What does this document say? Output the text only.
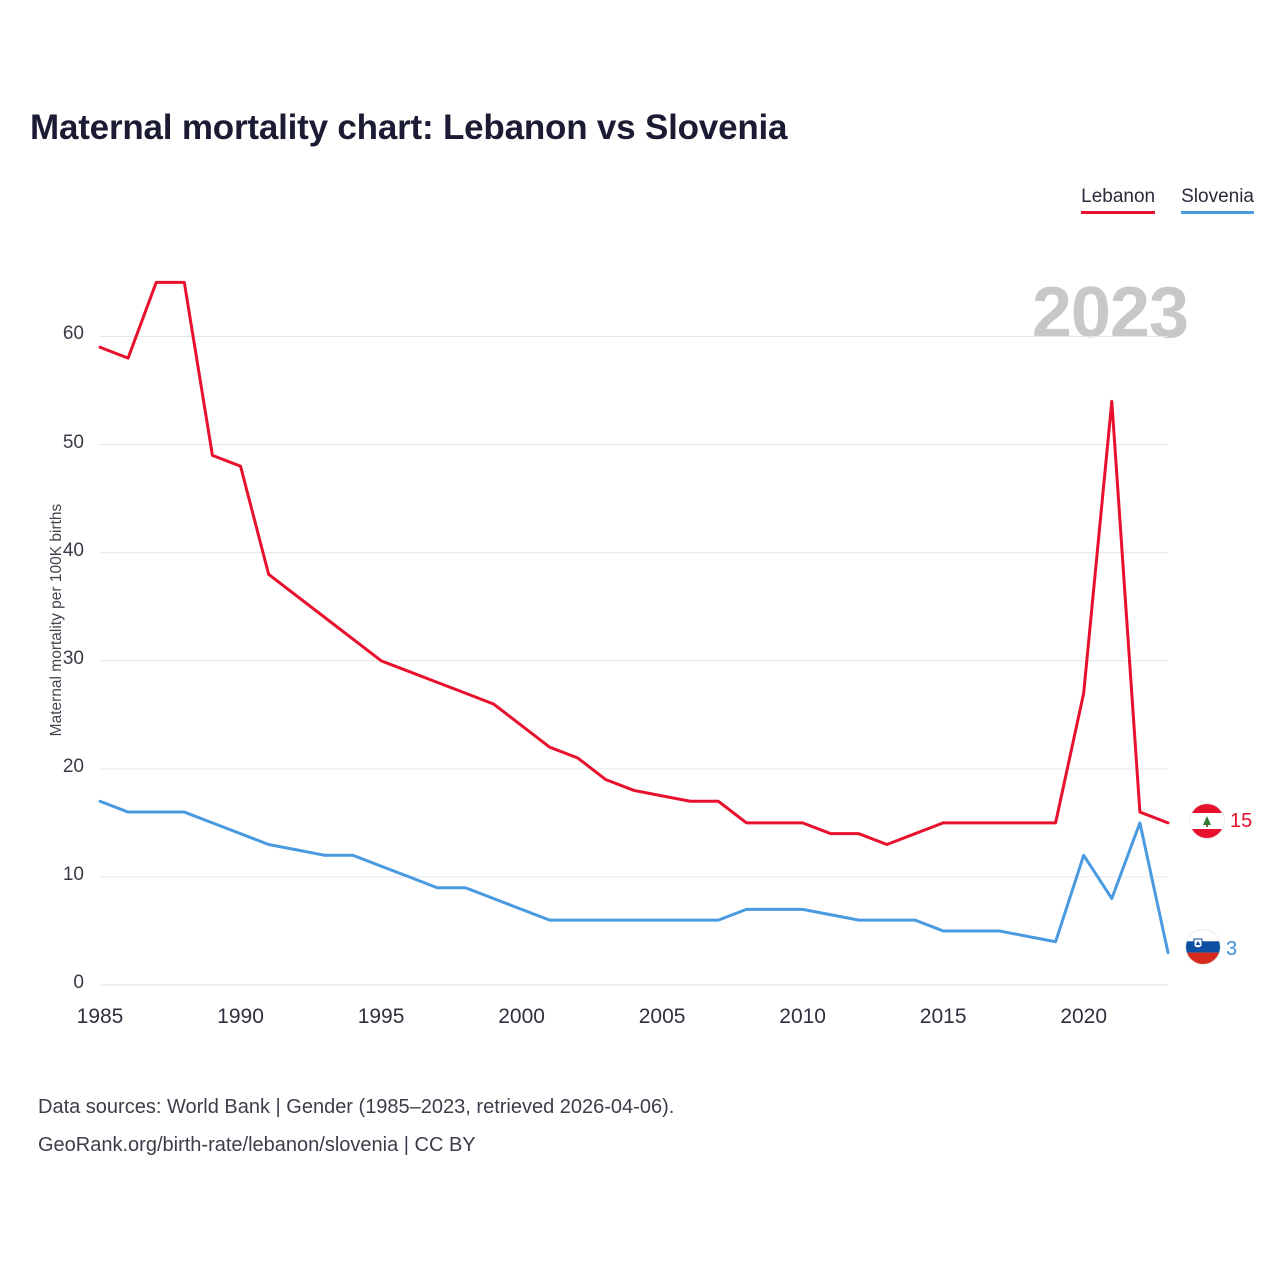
Maternal mortality chart: Lebanon vs Slovenia
Lebanon Slovenia
2023
Maternal mortality per 100K births
0
10
20
30
40
50
60
1985	1990	1995	2000	2005	2010	2015	2020
15
3
Data sources: World Bank | Gender (1985–2023, retrieved 2026-04-06).
GeoRank.org/birth-rate/lebanon/slovenia | CC BY
